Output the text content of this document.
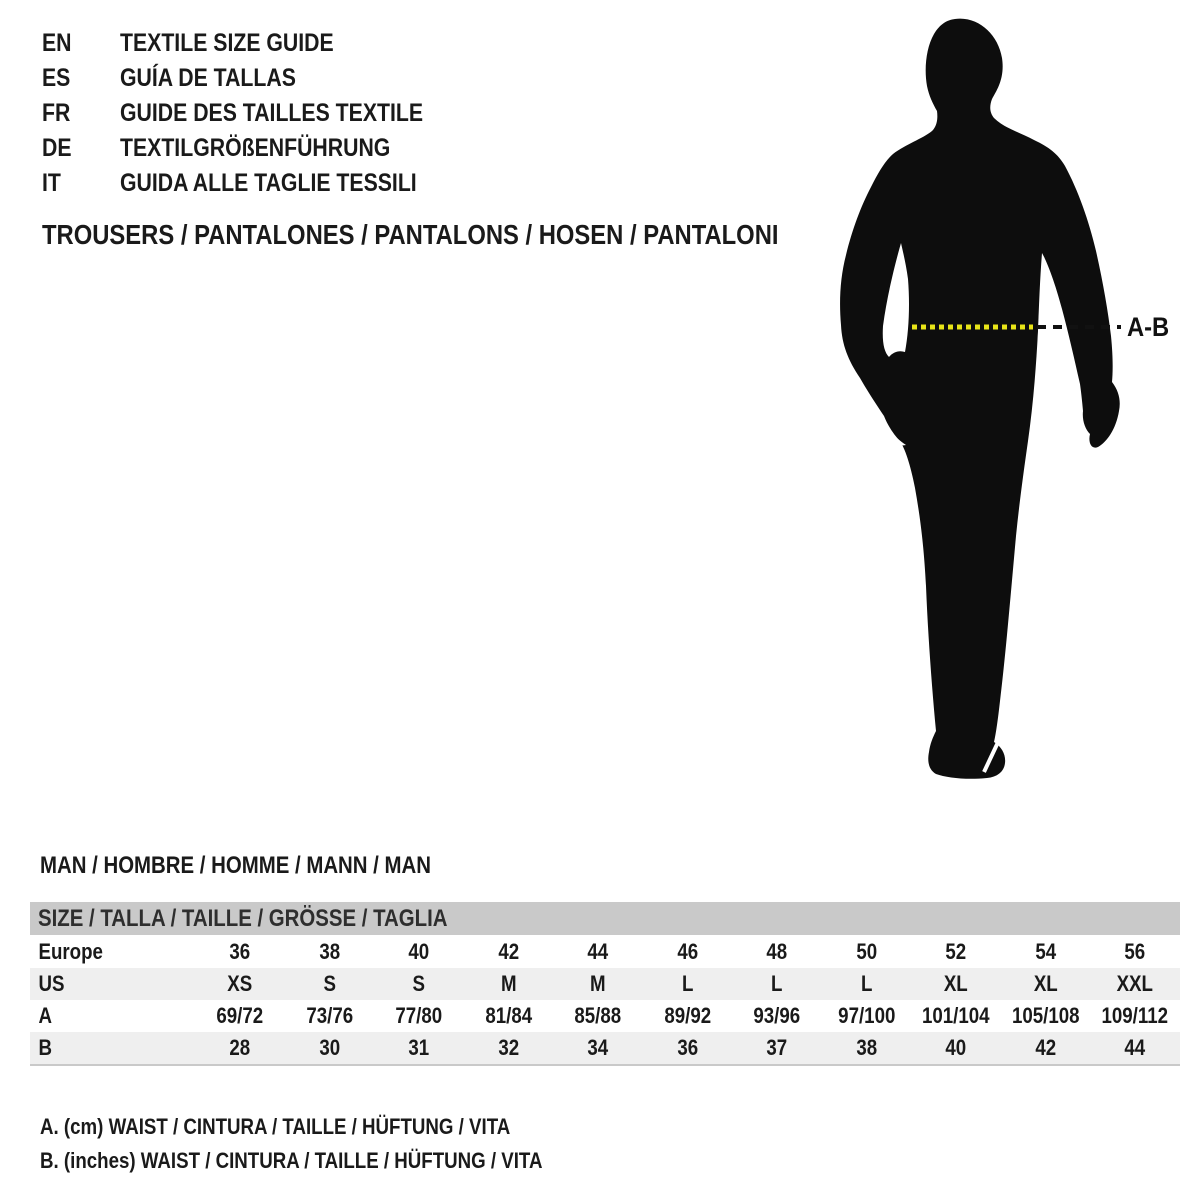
EN	TEXTILE SIZE GUIDE
ES	GUÍA DE TALLAS
FR	GUIDE DES TAILLES TEXTILE
DE	TEXTILGRÖßENFÜHRUNG
IT	GUIDA ALLE TAGLIE TESSILI
TROUSERS / PANTALONES / PANTALONS / HOSEN / PANTALONI
A-B
MAN / HOMBRE / HOMME / MANN / MAN
SIZE / TALLA / TAILLE / GRÖSSE / TAGLIA
Europe	36	38	40	42	44	46	48	50	52	54	56
US	XS	S	S	M	M	L	L	L	XL	XL	XXL
A	69/72	73/76	77/80	81/84	85/88	89/92	93/96	97/100	101/104 105/108 109/112
B	28	30	31	32	34	36	37	38	40	42	44
A. (cm) WAIST / CINTURA / TAILLE / HÜFTUNG / VITA
B. (inches) WAIST / CINTURA / TAILLE / HÜFTUNG / VITA
